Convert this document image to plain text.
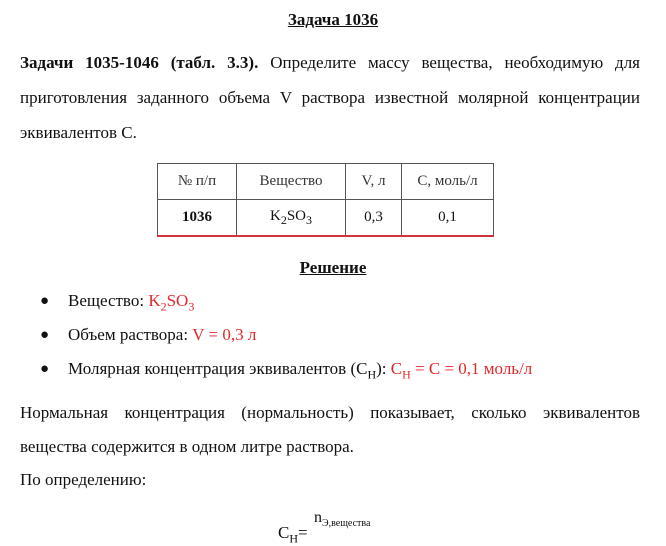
Задача 1036
Задачи 1035-1046 (табл. 3.3). Определите массу вещества, необходимую для приготовления заданного объема V раствора известной молярной концентрации эквивалентов C.
№ п/п	Вещество	V, л	C, моль/л
1036	$K_2SO_3$	0,3	0,1
Решение
● Вещество: $K_2SO_3$
● Объем раствора: V = 0,3 л
● Молярная концентрация эквивалентов $(C_H)$: $C_H = C = 0,1$ моль/л
Нормальная концентрация (нормальность) показывает, сколько эквивалентов вещества содержится в одном литре раствора.
По определению:
$C_H=$
$n_{Э,вещества}$
